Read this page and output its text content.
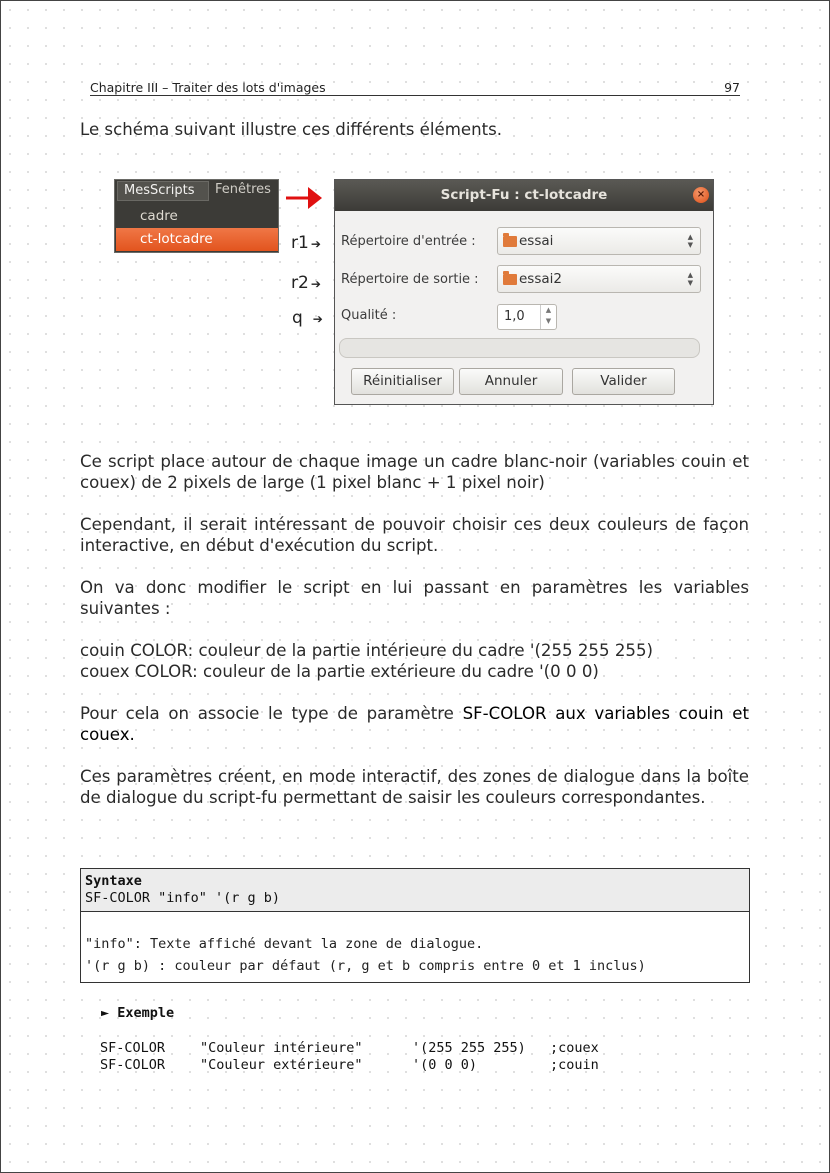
Chapitre III – Traiter des lots d'images	97
Le schéma suivant illustre ces différents éléments.
MesScripts	Fenêtres
cadre
ct-lotcadre	r1 ➔
r2 ➔
q ➔
Script-Fu : ct-lotcadre	×
Répertoire d'entrée :	essai	▲
▼
Répertoire de sortie :	essai2	▲
▼
Qualité :	1,0	▲
▼
Réinitialiser	Annuler	Valider
Ce script place autour de chaque image un cadre blanc-noir (variables couin et couex) de 2 pixels de large (1 pixel blanc + 1 pixel noir)
Cependant, il serait intéressant de pouvoir choisir ces deux couleurs de façon interactive, en début d'exécution du script.
On va donc modifier le script en lui passant en paramètres les variables suivantes :
couin COLOR: couleur de la partie intérieure du cadre '(255 255 255)
couex COLOR: couleur de la partie extérieure du cadre '(0 0 0)
Pour cela on associe le type de paramètre SF-COLOR aux variables couin et couex.
Ces paramètres créent, en mode interactif, des zones de dialogue dans la boîte de dialogue du script-fu permettant de saisir les couleurs correspondantes.
Syntaxe
SF-COLOR "info" '(r g b)
"info": Texte affiché devant la zone de dialogue.
'(r g b) : couleur par défaut (r, g et b compris entre 0 et 1 inclus)
► Exemple
SF-COLOR	"Couleur intérieure"	'(255 255 255) ;couex
SF-COLOR	"Couleur extérieure"	'(0 0 0)	;couin
